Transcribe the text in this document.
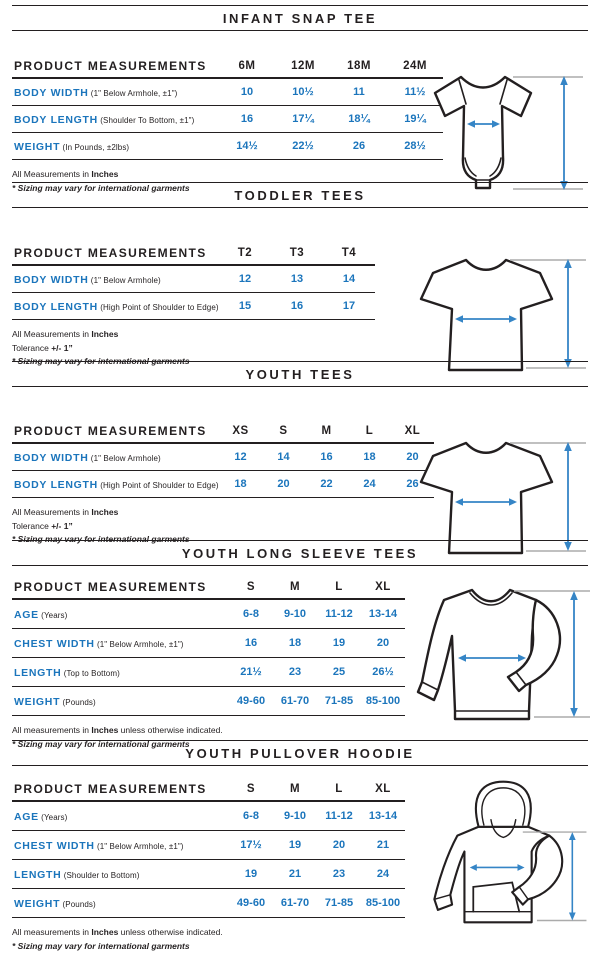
INFANT SNAP TEE
PRODUCT MEASUREMENTS	6M	12M	18M	24M
BODY WIDTH (1" Below Armhole, ±1")	10	10½	11	11½
BODY LENGTH (Shoulder To Bottom, ±1")	16	17¼	18¼	19¼
WEIGHT (In Pounds, ±2lbs)	14½	22½	26	28½

All Measurements in Inches

* Sizing may vary for international garments

TODDLER TEES
PRODUCT MEASUREMENTS	T2	T3	T4
BODY WIDTH (1" Below Armhole)	12	13	14
BODY LENGTH (High Point of Shoulder to Edge)	15	16	17

All Measurements in Inches

Tolerance +/- 1”

* Sizing may vary for international garments

YOUTH TEES
PRODUCT MEASUREMENTS	XS	S	M	L	XL
BODY WIDTH (1" Below Armhole)	12	14	16	18	20
BODY LENGTH (High Point of Shoulder to Edge)	18	20	22	24	26

All Measurements in Inches

Tolerance +/- 1”

* Sizing may vary for international garments

YOUTH LONG SLEEVE TEES
PRODUCT MEASUREMENTS	S	M	L	XL
AGE (Years)	6-8	9-10	11-12	13-14
CHEST WIDTH (1" Below Armhole, ±1")	16	18	19	20
LENGTH (Top to Bottom)	21½	23	25	26½
WEIGHT (Pounds)	49-60	61-70	71-85	85-100

All measurements in Inches unless otherwise indicated.

* Sizing may vary for international garments

YOUTH PULLOVER HOODIE
PRODUCT MEASUREMENTS	S	M	L	XL
AGE (Years)	6-8	9-10	11-12	13-14
CHEST WIDTH (1" Below Armhole, ±1")	17½	19	20	21
LENGTH (Shoulder to Bottom)	19	21	23	24
WEIGHT (Pounds)	49-60	61-70	71-85	85-100

All measurements in Inches unless otherwise indicated.

* Sizing may vary for international garments
